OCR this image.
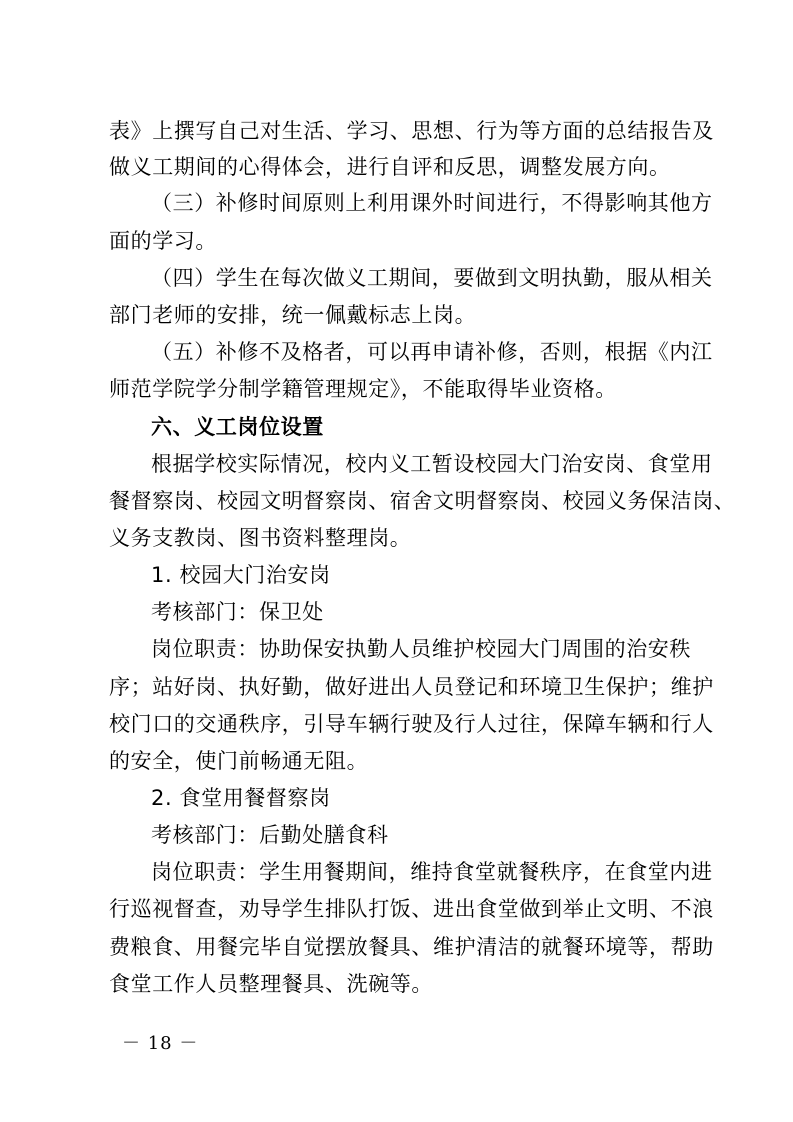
表》上撰写自己对生活、学习、思想、行为等方面的总结报告及
做义工期间的心得体会，进行自评和反思，调整发展方向。
（三）补修时间原则上利用课外时间进行，不得影响其他方
面的学习。
（四）学生在每次做义工期间，要做到文明执勤，服从相关
部门老师的安排，统一佩戴标志上岗。
（五）补修不及格者，可以再申请补修，否则，根据《内江
师范学院学分制学籍管理规定》，不能取得毕业资格。
六、义工岗位设置
根据学校实际情况，校内义工暂设校园大门治安岗、食堂用
餐督察岗、校园文明督察岗、宿舍文明督察岗、校园义务保洁岗、
义务支教岗、图书资料整理岗。
1. 校园大门治安岗
考核部门：保卫处
岗位职责：协助保安执勤人员维护校园大门周围的治安秩
序；站好岗、执好勤，做好进出人员登记和环境卫生保护；维护
校门口的交通秩序，引导车辆行驶及行人过往，保障车辆和行人
的安全，使门前畅通无阻。
2. 食堂用餐督察岗
考核部门：后勤处膳食科
岗位职责：学生用餐期间，维持食堂就餐秩序，在食堂内进
行巡视督查，劝导学生排队打饭、进出食堂做到举止文明、不浪
费粮食、用餐完毕自觉摆放餐具、维护清洁的就餐环境等，帮助
食堂工作人员整理餐具、洗碗等。
－ 18 －
